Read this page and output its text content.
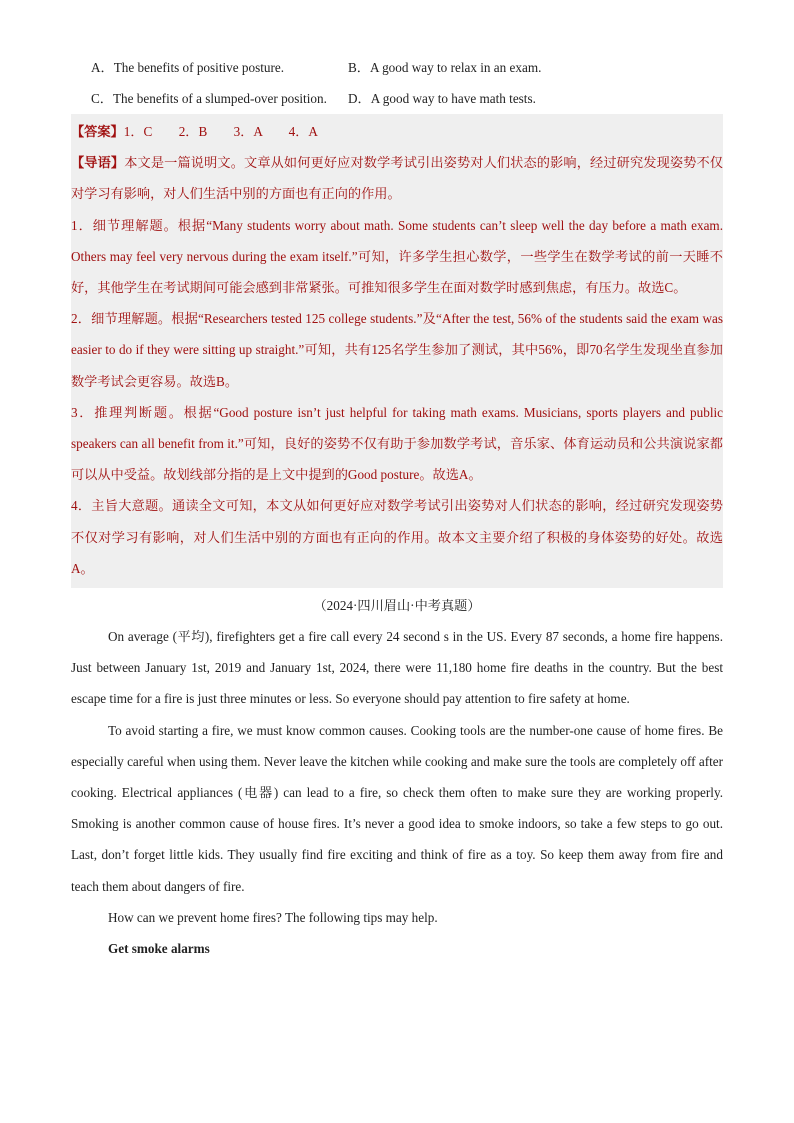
A．The benefits of positive posture.	B．A good way to relax in an exam.
C．The benefits of a slumped-over position. D．A good way to have math tests.

【答案】1．C　　2．B　　3．A　　4．A

【导语】本文是一篇说明文。文章从如何更好应对数学考试引出姿势对人们状态的影响，经过研究发现姿势不仅对学习有影响，对人们生活中别的方面也有正向的作用。

1．细节理解题。根据“Many students worry about math. Some students can’t sleep well the day before a math exam. Others may feel very nervous during the exam itself.”可知，许多学生担心数学，一些学生在数学考试的前一天睡不好，其他学生在考试期间可能会感到非常紧张。可推知很多学生在面对数学时感到焦虑，有压力。故选C。

2．细节理解题。根据“Researchers tested 125 college students.”及“After the test, 56% of the students said the exam was easier to do if they were sitting up straight.”可知，共有125名学生参加了测试，其中56%，即70名学生发现坐直参加数学考试会更容易。故选B。

3．推理判断题。根据“Good posture isn’t just helpful for taking math exams. Musicians, sports players and public speakers can all benefit from it.”可知，良好的姿势不仅有助于参加数学考试，音乐家、体育运动员和公共演说家都可以从中受益。故划线部分指的是上文中提到的Good posture。故选A。

4．主旨大意题。通读全文可知，本文从如何更好应对数学考试引出姿势对人们状态的影响，经过研究发现姿势不仅对学习有影响，对人们生活中别的方面也有正向的作用。故本文主要介绍了积极的身体姿势的好处。故选A。

（2024·四川眉山·中考真题）

On average (平均), firefighters get a fire call every 24 second s in the US. Every 87 seconds, a home fire happens. Just between January 1st, 2019 and January 1st, 2024, there were 11,180 home fire deaths in the country. But the best escape time for a fire is just three minutes or less. So everyone should pay attention to fire safety at home.

To avoid starting a fire, we must know common causes. Cooking tools are the number-one cause of home fires. Be especially careful when using them. Never leave the kitchen while cooking and make sure the tools are completely off after cooking. Electrical appliances (电器) can lead to a fire, so check them often to make sure they are working properly. Smoking is another common cause of house fires. It’s never a good idea to smoke indoors, so take a few steps to go out. Last, don’t forget little kids. They usually find fire exciting and think of fire as a toy. So keep them away from fire and teach them about dangers of fire.

How can we prevent home fires? The following tips may help.

Get smoke alarms
